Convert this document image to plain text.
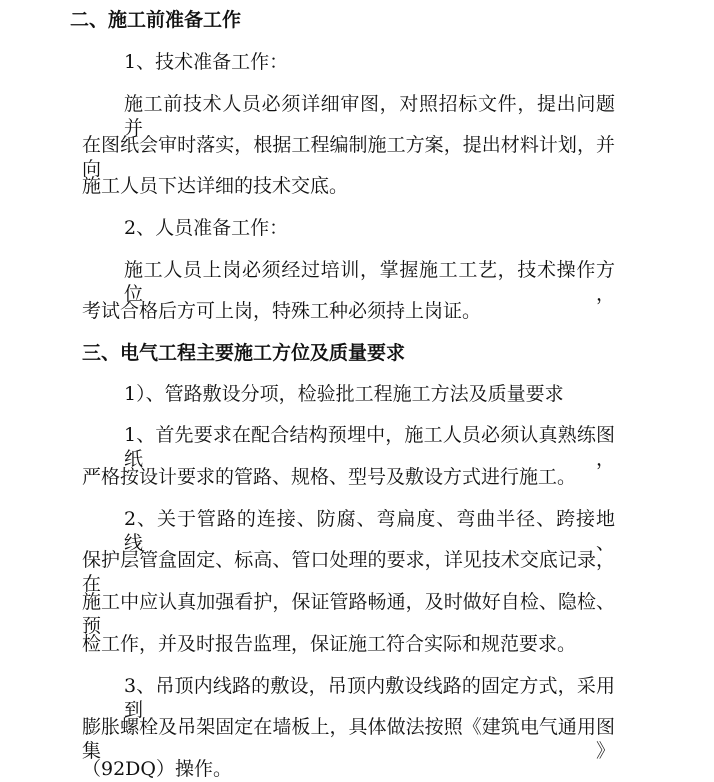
二、施工前准备工作
1、技术准备工作：
施工前技术人员必须详细审图，对照招标文件，提出问题并
在图纸会审时落实，根据工程编制施工方案，提出材料计划，并向
施工人员下达详细的技术交底。
2、人员准备工作：
施工人员上岗必须经过培训，掌握施工工艺，技术操作方位，
考试合格后方可上岗，特殊工种必须持上岗证。
三、电气工程主要施工方位及质量要求
1）、管路敷设分项，检验批工程施工方法及质量要求
1、首先要求在配合结构预埋中，施工人员必须认真熟练图纸，
严格按设计要求的管路、规格、型号及敷设方式进行施工。
2、关于管路的连接、防腐、弯扁度、弯曲半径、跨接地线、
保护层管盒固定、标高、管口处理的要求，详见技术交底记录，在
施工中应认真加强看护，保证管路畅通，及时做好自检、隐检、预
检工作，并及时报告监理，保证施工符合实际和规范要求。
3、吊顶内线路的敷设，吊顶内敷设线路的固定方式，采用到
膨胀螺栓及吊架固定在墙板上，具体做法按照《建筑电气通用图集》
（92DQ）操作。
